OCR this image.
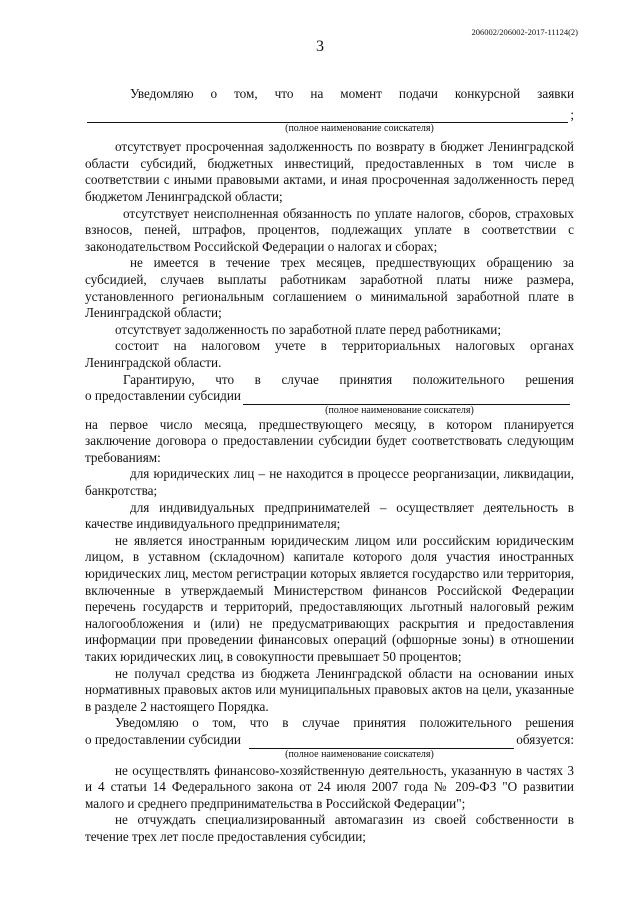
206002/206002-2017-11124(2)
3

Уведомляю о том, что на момент подачи конкурсной заявки

;
(полное наименование соискателя)

отсутствует просроченная задолженность по возврату в бюджет Ленинградской области субсидий, бюджетных инвестиций, предоставленных в том числе в соответствии с иными правовыми актами, и иная просроченная задолженность перед бюджетом Ленинградской области;

отсутствует неисполненная обязанность по уплате налогов, сборов, страховых взносов, пеней, штрафов, процентов, подлежащих уплате в соответствии с законодательством Российской Федерации о налогах и сборах;

не имеется в течение трех месяцев, предшествующих обращению за субсидией, случаев выплаты работникам заработной платы ниже размера, установленного региональным соглашением о минимальной заработной плате в Ленинградской области;

отсутствует задолженность по заработной плате перед работниками;

состоит на налоговом учете в территориальных налоговых органах Ленинградской области.

Гарантирую, что в случае принятия положительного решения

о предоставлении субсидии
(полное наименование соискателя)

на первое число месяца, предшествующего месяцу, в котором планируется заключение договора о предоставлении субсидии будет соответствовать следующим требованиям:

для юридических лиц – не находится в процессе реорганизации, ликвидации, банкротства;

для индивидуальных предпринимателей – осуществляет деятельность в качестве индивидуального предпринимателя;

не является иностранным юридическим лицом или российским юридическим лицом, в уставном (складочном) капитале которого доля участия иностранных юридических лиц, местом регистрации которых является государство или территория, включенные в утверждаемый Министерством финансов Российской Федерации перечень государств и территорий, предоставляющих льготный налоговый режим налогообложения и (или) не предусматривающих раскрытия и предоставления информации при проведении финансовых операций (офшорные зоны) в отношении таких юридических лиц, в совокупности превышает 50 процентов;

не получал средства из бюджета Ленинградской области на основании иных нормативных правовых актов или муниципальных правовых актов на цели, указанные в разделе 2 настоящего Порядка.

Уведомляю о том, что в случае принятия положительного решения

о предоставлении субсидии	обязуется:
(полное наименование соискателя)

не осуществлять финансово-хозяйственную деятельность, указанную в частях 3 и 4 статьи 14 Федерального закона от 24 июля 2007 года № 209-ФЗ "О развитии малого и среднего предпринимательства в Российской Федерации";

не отчуждать специализированный автомагазин из своей собственности в течение трех лет после предоставления субсидии;
